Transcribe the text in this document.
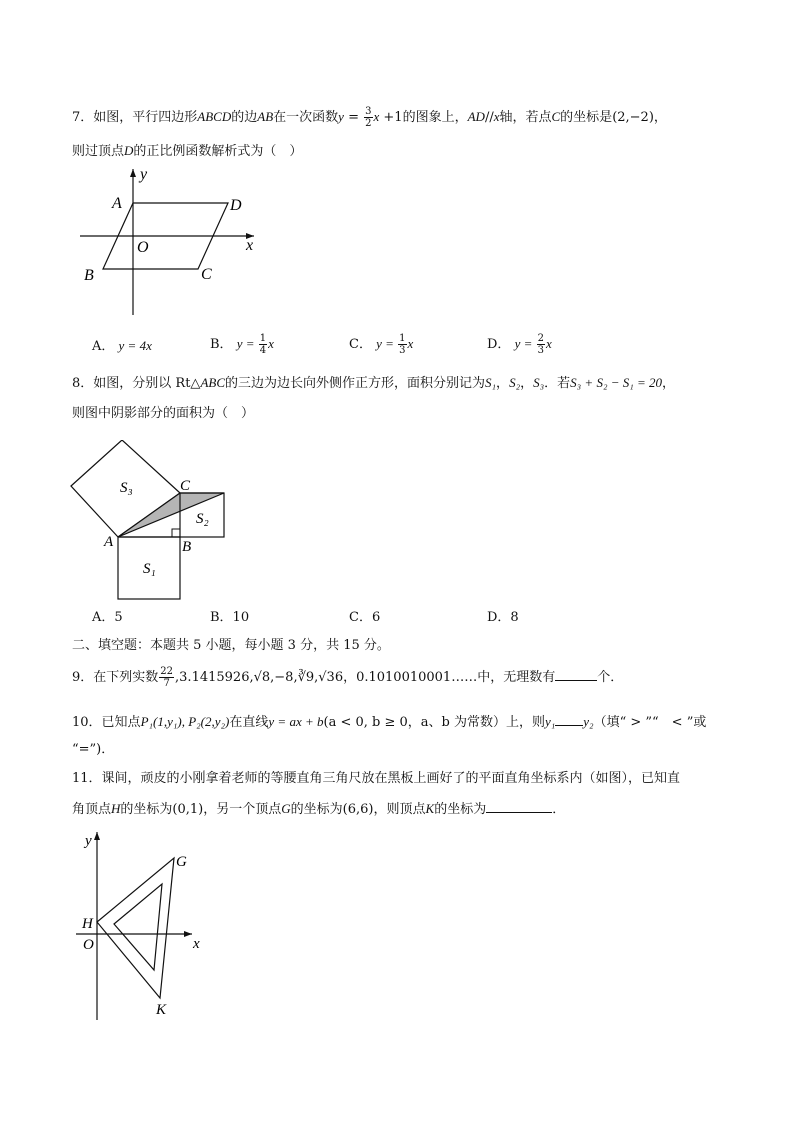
7．如图，平行四边形ABCD的边AB在一次函数$y = \frac{3}{2}$ x +1的图象上，AD//x轴，若点C的坐标是(2,−2)，
则过顶点D的正比例函数解析式为（　）
y
x
A	D
O
B	C
A． y = 4x	B． $y = \frac{1}{4}$ x	C． $y = \frac{1}{3}$ x	D． $y = \frac{2}{3}$ x
8．如图，分别以 Rt△ABC的三边为边长向外侧作正方形，面积分别记为S₁，S₂，S₃．若S₃ + S₂ − S₁ = 20，
则图中阴影部分的面积为（　）
S₃
S₂
S₁
A	B
C
A．5	B．10	C．6	D．8
二、填空题：本题共 5 小题，每小题 3 分，共 15 分。
9．在下列实数 $\frac{22}{7}$ ,3.1415926,√8,−8,∛9,√36，0.1010010001……中，无理数有	个．
10．已知点P₁(1,y₁), P₂(2,y₂)在直线y = ax + b(a < 0, b ≥ 0，a、b 为常数）上，则y₁ y₂（填“ > ”“　< ”或
“=”)．
11．课间，顽皮的小刚拿着老师的等腰直角三角尺放在黑板上画好了的平面直角坐标系内（如图），已知直
角顶点H的坐标为(0,1)，另一个顶点G的坐标为(6,6)，则顶点K的坐标为	．
y
x
G
H
O
K
